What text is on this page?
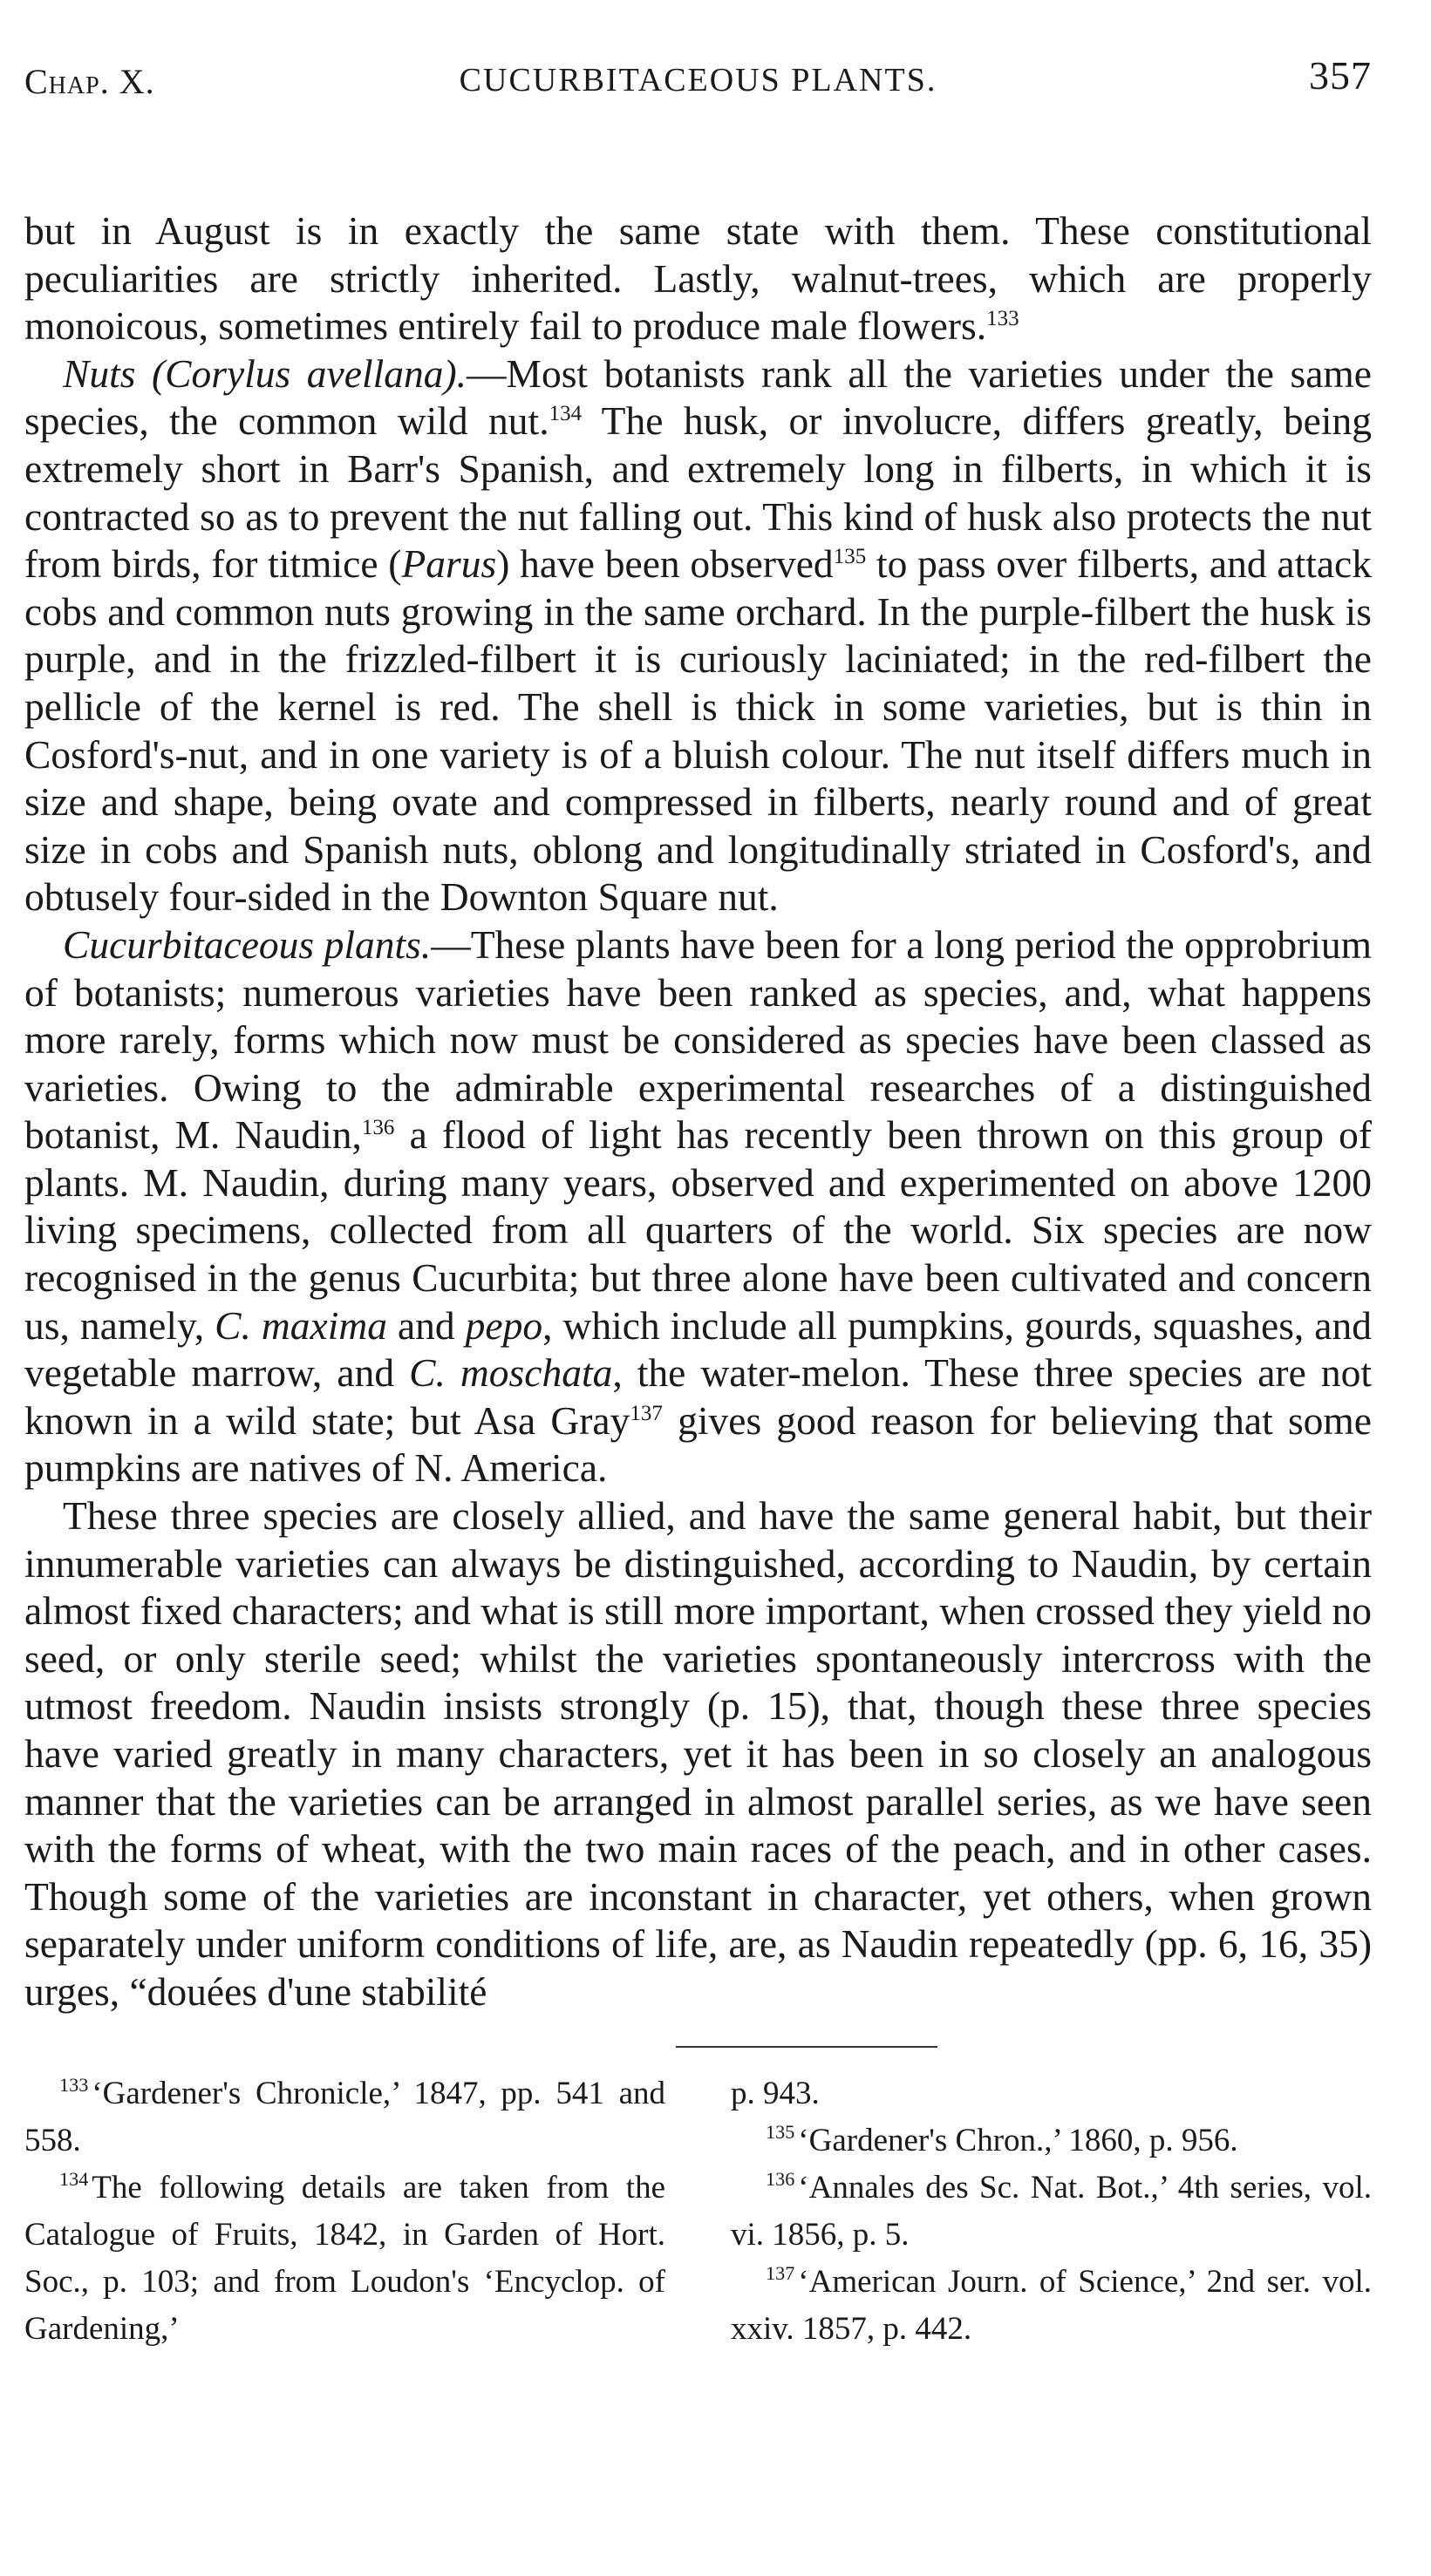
Chap. X.	CUCURBITACEOUS PLANTS.	357

but in August is in exactly the same state with them. These constitutional peculiarities are strictly inherited. Lastly, walnut-trees, which are properly monoicous, sometimes entirely fail to produce male flowers.$^{133}$

Nuts (Corylus avellana).—Most botanists rank all the varieties under the same species, the common wild nut.$^{134}$ The husk, or involucre, differs greatly, being extremely short in Barr's Spanish, and extremely long in filberts, in which it is contracted so as to prevent the nut falling out. This kind of husk also protects the nut from birds, for titmice (Parus) have been observed$^{135}$ to pass over filberts, and attack cobs and common nuts growing in the same orchard. In the purple-filbert the husk is purple, and in the frizzled-filbert it is curiously laciniated; in the red-filbert the pellicle of the kernel is red. The shell is thick in some varieties, but is thin in Cosford's-nut, and in one variety is of a bluish colour. The nut itself differs much in size and shape, being ovate and compressed in filberts, nearly round and of great size in cobs and Spanish nuts, oblong and longitudinally striated in Cosford's, and obtusely four-sided in the Downton Square nut.

Cucurbitaceous plants.—These plants have been for a long period the opprobrium of botanists; numerous varieties have been ranked as species, and, what happens more rarely, forms which now must be considered as species have been classed as varieties. Owing to the admirable experimental researches of a distinguished botanist, M. Naudin,$^{136}$ a flood of light has recently been thrown on this group of plants. M. Naudin, during many years, observed and experimented on above 1200 living specimens, collected from all quarters of the world. Six species are now recognised in the genus Cucurbita; but three alone have been cultivated and concern us, namely, C. maxima and pepo, which include all pumpkins, gourds, squashes, and vegetable marrow, and C. moschata, the water-melon. These three species are not known in a wild state; but Asa Gray$^{137}$ gives good reason for believing that some pumpkins are natives of N. America.

These three species are closely allied, and have the same general habit, but their innumerable varieties can always be distinguished, according to Naudin, by certain almost fixed characters; and what is still more important, when crossed they yield no seed, or only sterile seed; whilst the varieties spontaneously intercross with the utmost freedom. Naudin insists strongly (p. 15), that, though these three species have varied greatly in many characters, yet it has been in so closely an analogous manner that the varieties can be arranged in almost parallel series, as we have seen with the forms of wheat, with the two main races of the peach, and in other cases. Though some of the varieties are inconstant in character, yet others, when grown separately under uniform conditions of life, are, as Naudin repeatedly (pp. 6, 16, 35) urges, “douées d'une stabilité

$^{133}$ ‘Gardener's Chronicle,’ 1847, pp. 541 and 558.

$^{134}$ The following details are taken from the Catalogue of Fruits, 1842, in Garden of Hort. Soc., p. 103; and from Loudon's ‘Encyclop. of Gardening,’

p. 943.

$^{135}$ ‘Gardener's Chron.,’ 1860, p. 956.

$^{136}$ ‘Annales des Sc. Nat. Bot.,’ 4th series, vol. vi. 1856, p. 5.

$^{137}$ ‘American Journ. of Science,’ 2nd ser. vol. xxiv. 1857, p. 442.
